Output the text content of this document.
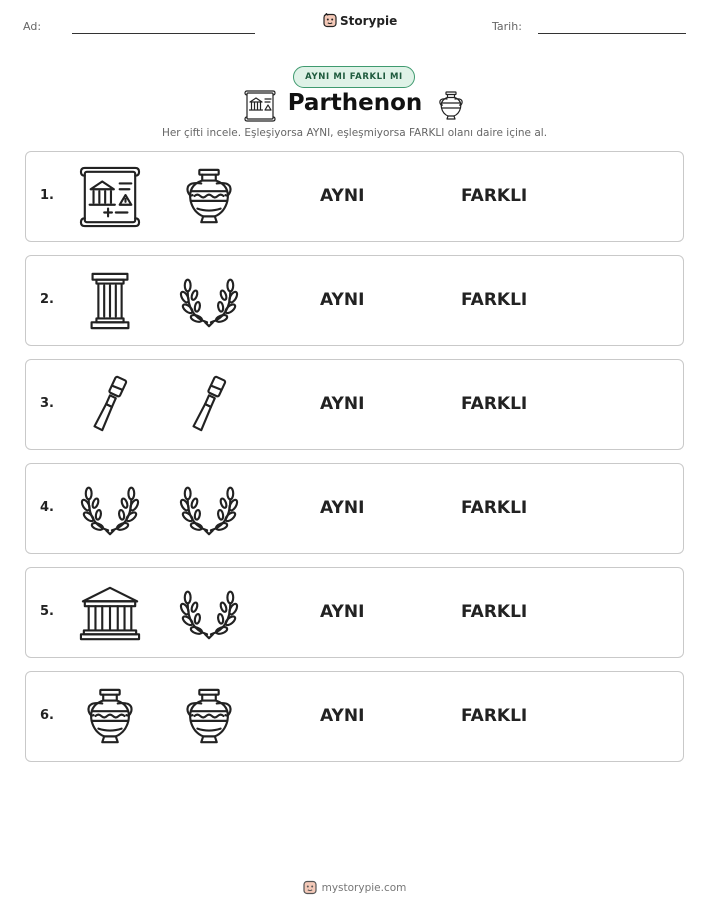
Ad:	Storypie	Tarih:
AYNI MI FARKLI MI
Parthenon
Her çifti incele. Eşleşiyorsa AYNI, eşleşmiyorsa FARKLI olanı daire içine al.
1.	AYNI	FARKLI
2.	AYNI	FARKLI
3.	AYNI	FARKLI
4.	AYNI	FARKLI
5.	AYNI	FARKLI
6.	AYNI	FARKLI
mystorypie.com
